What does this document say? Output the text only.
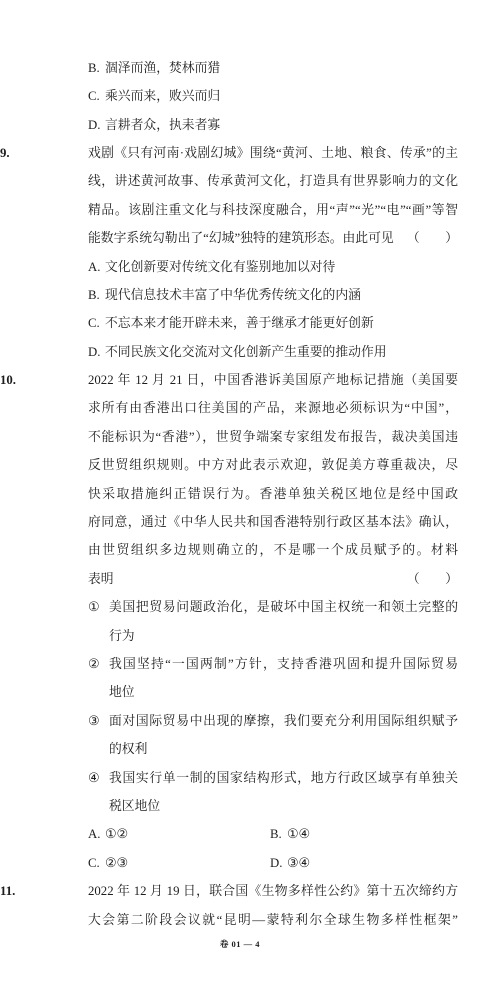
B. 涸泽而渔，焚林而猎
C. 乘兴而来，败兴而归
D. 言耕者众，执耒者寡
9.	戏剧《只有河南·戏剧幻城》围绕“黄河、土地、粮食、传承”的主
线，讲述黄河故事、传承黄河文化，打造具有世界影响力的文化
精品。该剧注重文化与科技深度融合，用“声”“光”“电”“画”等智
能数字系统勾勒出了“幻城”独特的建筑形态。由此可见 （　　）
A. 文化创新要对传统文化有鉴别地加以对待
B. 现代信息技术丰富了中华优秀传统文化的内涵
C. 不忘本来才能开辟未来，善于继承才能更好创新
D. 不同民族文化交流对文化创新产生重要的推动作用
10.	2022 年 12 月 21 日，中国香港诉美国原产地标记措施（美国要
求所有由香港出口往美国的产品，来源地必须标识为“中国”，
不能标识为“香港”），世贸争端案专家组发布报告，裁决美国违
反世贸组织规则。中方对此表示欢迎，敦促美方尊重裁决，尽
快采取措施纠正错误行为。香港单独关税区地位是经中国政
府同意，通过《中华人民共和国香港特别行政区基本法》确认，
由世贸组织多边规则确立的，不是哪一个成员赋予的。材料
表明	（　　）
① 美国把贸易问题政治化，是破坏中国主权统一和领土完整的
行为
② 我国坚持“一国两制”方针，支持香港巩固和提升国际贸易
地位
③ 面对国际贸易中出现的摩擦，我们要充分利用国际组织赋予
的权利
④ 我国实行单一制的国家结构形式，地方行政区域享有单独关
税区地位
A. ①②	B. ①④
C. ②③	D. ③④
11.	2022 年 12 月 19 日，联合国《生物多样性公约》第十五次缔约方
大会第二阶段会议就“昆明—蒙特利尔全球生物多样性框架”
卷 01 — 4
